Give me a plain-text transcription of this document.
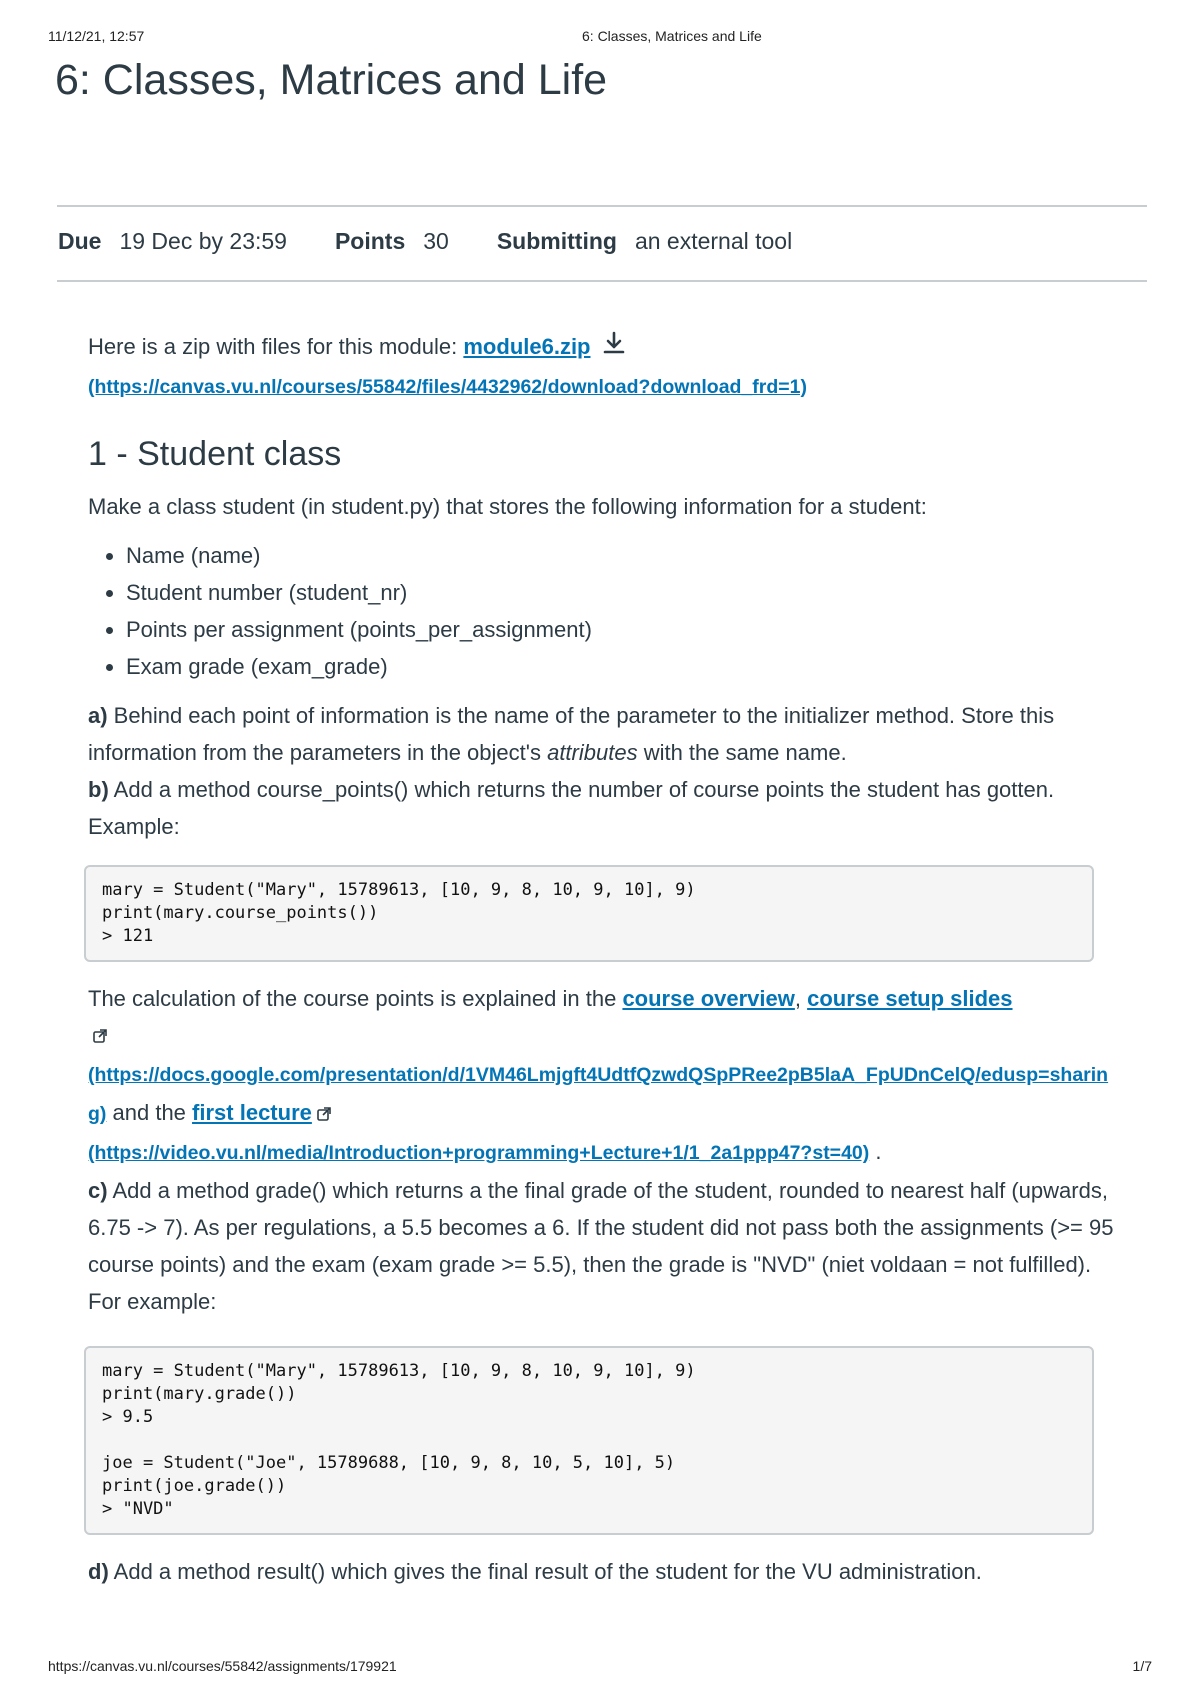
11/12/21, 12:57	6: Classes, Matrices and Life
6: Classes, Matrices and Life
Due 19 Dec by 23:59 Points 30 Submitting an external tool

Here is a zip with files for this module: module6.zip
(https://canvas.vu.nl/courses/55842/files/4432962/download?download_frd=1)

1 - Student class

Make a class student (in student.py) that stores the following information for a student:

• Name (name)
• Student number (student_nr)
• Points per assignment (points_per_assignment)
• Exam grade (exam_grade)

a) Behind each point of information is the name of the parameter to the initializer method. Store this information from the parameters in the object's attributes with the same name.

b) Add a method course_points() which returns the number of course points the student has gotten. Example:

mary = Student("Mary", 15789613, [10, 9, 8, 10, 9, 10], 9)
print(mary.course_points())
> 121

The calculation of the course points is explained in the course overview, course setup slides

(https://docs.google.com/presentation/d/1VM46Lmjgft4UdtfQzwdQSpPRee2pB5laA_FpUDnCelQ/edusp=sharing) and the first lecture
(https://video.vu.nl/media/Introduction+programming+Lecture+1/1_2a1ppp47?st=40) .

c) Add a method grade() which returns a the final grade of the student, rounded to nearest half (upwards, 6.75 -> 7). As per regulations, a 5.5 becomes a 6. If the student did not pass both the assignments (>= 95 course points) and the exam (exam grade >= 5.5), then the grade is "NVD" (niet voldaan = not fulfilled). For example:

mary = Student("Mary", 15789613, [10, 9, 8, 10, 9, 10], 9)
print(mary.grade())
> 9.5

joe = Student("Joe", 15789688, [10, 9, 8, 10, 5, 10], 5)
print(joe.grade())
> "NVD"

d) Add a method result() which gives the final result of the student for the VU administration.

https://canvas.vu.nl/courses/55842/assignments/179921	1/7
